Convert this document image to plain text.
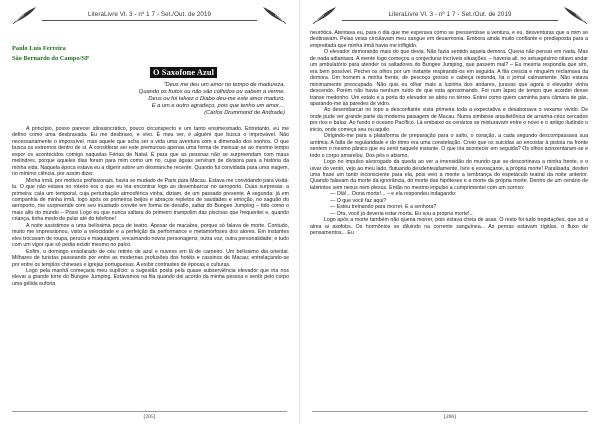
LiteraLivre Vl. 3 - nº 1 7 - Set./Out. de 2019
Paulo Luís Ferreira
São Bernardo do Campo/SP
O Saxofone Azul
"Deus me deu um amor no tempo de madureza,
Quando os frutos ou não são colhidos ou sabem a verme.
Deus ou foi talvez o Diabo deu-me este amor maduro,
E a um e outro agradeço, pois que tenho um amor....
(Carlos Drummond de Andrade)

A princípio, posso parecer idiossincrático, pouco circunspecto e um tanto ensimesmado. Entretanto, eu me defino como uma desbravada. Eu me desbravo, e vivo. É meu ver, é alguém que busca o improvável. Não necessariamente o impossível, mas aquele que acha ser a vida uma aventura com a dimensão dos sonhos. O que busca os extremos dentro de si. A considerar ser este premuroso apenas uma forma de insinuar-se ao mesmo tempo expor os acontecidos comigo naquelas Férias de Natal. É para que as pessoas não se surpreendam com maus melindres, porque aqueles dias foram para mim como um rio, cujas águas serviram de divisora para a história da minha vida. Naquela época estava eu a digerir sobre um desmanche recente. Quando fui convidada para uma viagem, no mínimo ciência, por assim dizer.

Minha irmã, por motivos profissionais, havia se mudado de Paris para Macau. Estava me convidando para visitá-la. O que não estava no roteiro era o que eu iria encontrar logo ao desembarcar no aeroporto. Duas surpresas: a primeira: caía um temporal, cuja perturbação atmosférica vinha, diziam, de um passado presente. A segunda: já em companhia de minha irmã, logo após os primeiros beijos e abraços repletos de saudades e emoção, no saguão do aeroporto, me surpreende com seu inusitado convite em forma de desafio, saltar do Bungee Jumping – tido como o mais alto do mundo – Possi Logo eu que nunca saltara do primeiro trampolim das piscinas que frequentei e, quando criança, tinha medo de pular até do telefone!

A noite assistimos a uma belíssima peça de teatro. Apesar de macabra, porque só falava de morte. Contudo, muito me impressionou, visto a velocidade e a perfeição da performance e metamorfoses dos atores. Em instantes eles trocavam de roupa, peruca e maquiagem, encarnando novos personagens; outra voz, outra personalidade; e tudo com um vigor que só pedia existir mesmo no palco.

Enfim, o domingo ensolarado de céu retinto de azul e nuvens em lã de carneiro. Um belíssimo dia oriental. Milhares de turistas passeando por entre as modernas profusões dos hotéis e cassinos de Macau; entrelaçando-se por entre os templos chineses e igrejas portuguesas. A exibir contrastes de épocas e culturas.

Logo pela manhã começaria meu suplício: a sugestão posta pela quase subserviência elevador que iria nos elevar a grande torre do Bungee Jumping. Estávamos na fila quando dei acordo da minha pessoa e sentir pelo corpo uma gélida euforia

[205]
LiteraLivre Vl. 3 - nº 1 7 - Set./Out. de 2019

neurótica. Atentava eu, para o dia que me esperava como se pressentisse a ventura, e eu, desventuras que a mim se destinavam. Pelas veias circulavam meu sangue em desarmonia. Embora ainda muito confiante e predisposta para a empreitada que minha irmã havia me infligido.

O elevador demorando mais do que devia. Não fazia sentido aquela demora. Queria não pensar em nada. Mas de nada adiantava. A mente logo começou a conjecturar incríveis situações. – haveria ali, no setuagésimo oitavo andar um ambulatório para atender os saltadores do Bungee Jumping, que passem mal? – Eu mesma respondia que sim, era bem possível. Pechei os olhos por um instante respirando-os em seguida. A fila crescia e ninguém reclamava da demora. Um homem a minha frente, de pescoço grosso e cabeça redonda, lia o jornal calmamente. Não estava minimamente preocupado. Não quis eu olhar mais a luzinha dos andares, juravas que agora o elevador vinha descendo. Porém não havia nenhum ruído de que esta aproximando. Foi num lapso de tempo que acordei desse transe medonho. Um estalo e a porta do elevador se abriu no térreo. Entrei como quem caminha para câmara de gás, aparando-me às paredes de vidro.

Ao desembarcar no topo a desconfiante vista primeira toda a expectativa e desabonava o vexame vivido. De onde pude ver grande parte da moderna paisagem de Macau. Numa simbiose arquitetônica de arranha-céus cercados por rios e baías. Ao fundo o oceano Pacífico. Lá embaixo os cenários se misturavam entre o novo e o antigo iludindo o inicio, onde começa seu ou aquilo.

Dirigindo-me para a plataforma de preparação para o salto, o coração, a cada segundo descompassava sua arritmia. A falta de regularidade e do ritmo era uma constelação. Creio que os suicidas ao encostar à pistola na fronte sentem o mesmo pânico que eu senti naquele instante. O que iria acontecer em seguida? Os olhos acinzentaram-se e todo o corpo amarelou. Dos pés o abismo.

Logo no impulso alvorogado da queda ao ver a imensidão do mundo que se descortinava a minha frente, e o uivar do vento, vejo ao meu lado, flutuando desdenteadamente, livre e esvoaçante, a própria morte! Paralisada, desferi uma frase um tanto inconsciente para ela, pois veio a mente a lembrança do espetáculo teatral da noite anterior. Quando falavam da morte da ignorância, do morte das hipóteses e a morte da própria morte. Dentro de um cenário de labirintos sem nexus nem plexus. Então no mesmo impulso a cumprimentei com um sorriso:

— Olá!... Dona morte!... – e ela respondeu indagando:

— O que você faz aqui?

— Estou treinando para morrer. E a senhora?

— Ora, você já deveria estar morta. Eu sou a própria morte!...

Logo após a morte também não queria morrer, pois estava cheia de asas. O resto foi tudo trepidações, que só a alma ai asofobs. Os hormônios se diluindo na corrente sanguínea... As pernas estavam rígidas, o fluxo de pensamentos... Eu

[206]
